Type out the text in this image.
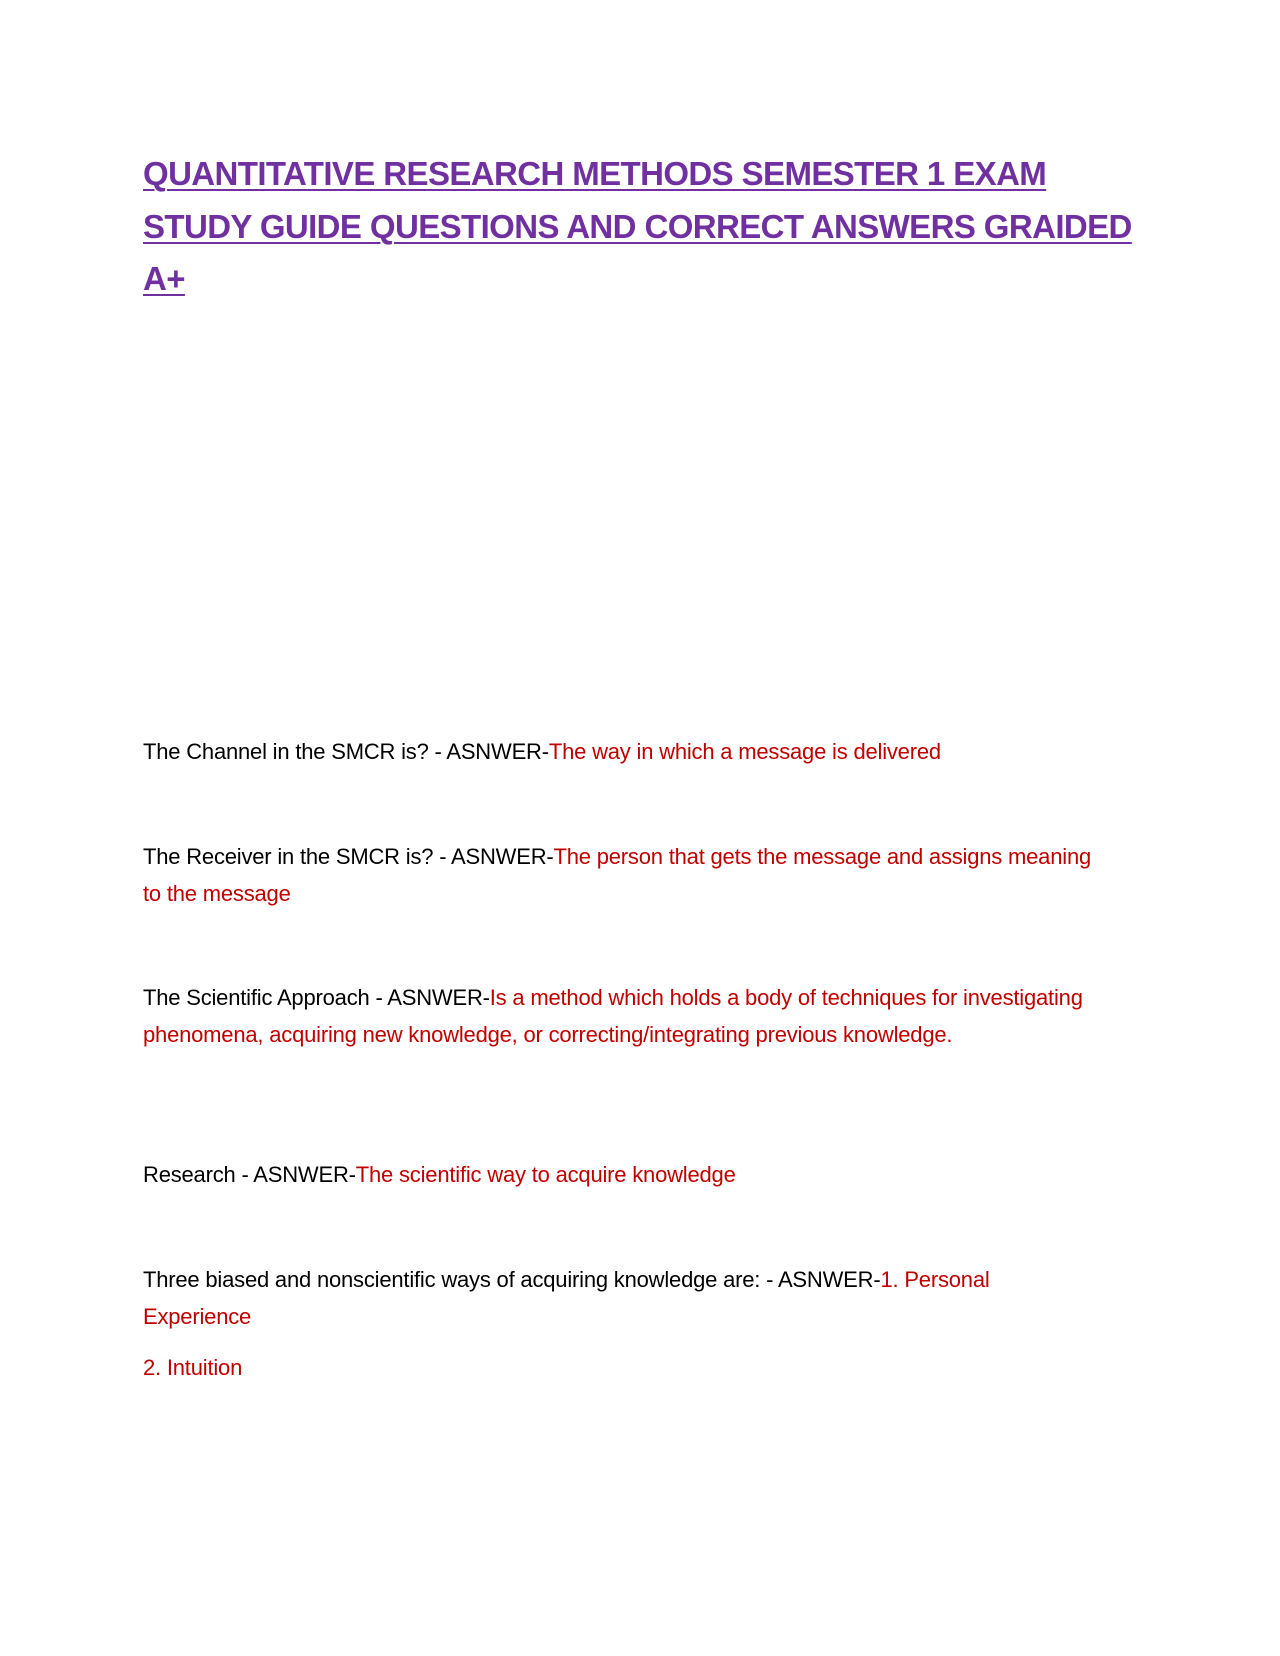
QUANTITATIVE RESEARCH METHODS SEMESTER 1 EXAM STUDY GUIDE QUESTIONS AND CORRECT ANSWERS GRAIDED A+

The Channel in the SMCR is? - ASNWER-The way in which a message is delivered

The Receiver in the SMCR is? - ASNWER-The person that gets the message and assigns meaning to the message

The Scientific Approach - ASNWER-Is a method which holds a body of techniques for investigating phenomena, acquiring new knowledge, or correcting/integrating previous knowledge.

Research - ASNWER-The scientific way to acquire knowledge

Three biased and nonscientific ways of acquiring knowledge are: - ASNWER-1. Personal Experience

2. Intuition
